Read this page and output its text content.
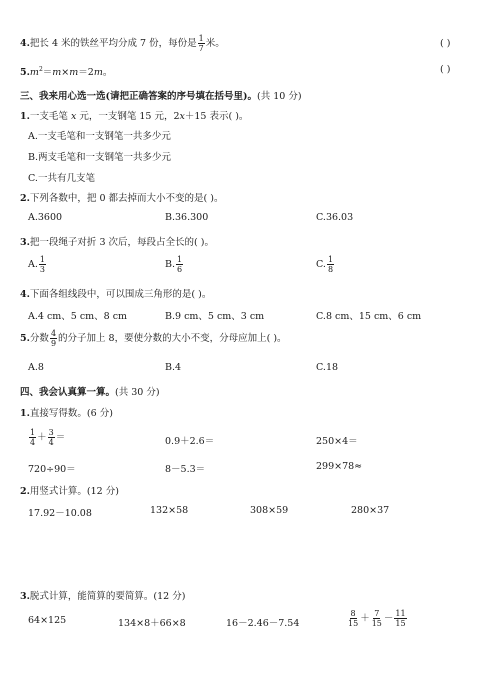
4.把长 4 米的铁丝平均分成 7 份，每份是 $\frac{1}{7}$ 米。	( )
$5.m^2=m\times m=2m$。	( )
三、我来用心选一选(请把正确答案的序号填在括号里)。(共 10 分)
1.一支毛笔 x 元，一支钢笔 15 元，2x＋15 表示( )。
A.一支毛笔和一支钢笔一共多少元
B.两支毛笔和一支钢笔一共多少元
C.一共有几支笔
2.下列各数中，把 0 都去掉而大小不变的是( )。
A.3600	B.36.300	C.36.03
3.把一段绳子对折 3 次后，每段占全长的( )。
A. $\frac{1}{3}$	B. $\frac{1}{6}$	C. $\frac{1}{8}$
4.下面各组线段中，可以围成三角形的是( )。
A.4 cm、5 cm、8 cm	B.9 cm、5 cm、3 cm	C.8 cm、15 cm、6 cm
5.分数 $\frac{4}{9}$ 的分子加上 8，要使分数的大小不变，分母应加上( )。
A.8	B.4	C.18
四、我会认真算一算。(共 30 分)
1.直接写得数。(6 分)
$\frac{1}{4} + \frac{3}{4}$ ＝	0.9＋2.6＝	250×4＝
720÷90＝	8－5.3＝	299×78≈
2.用竖式计算。(12 分)
17.92－10.08	132×58	308×59	280×37
3.脱式计算，能简算的要简算。(12 分)
64×125	134×8＋66×8	16－2.46－7.54	$\frac{8}{15} + \frac{7}{15} - \frac{11}{15}$
